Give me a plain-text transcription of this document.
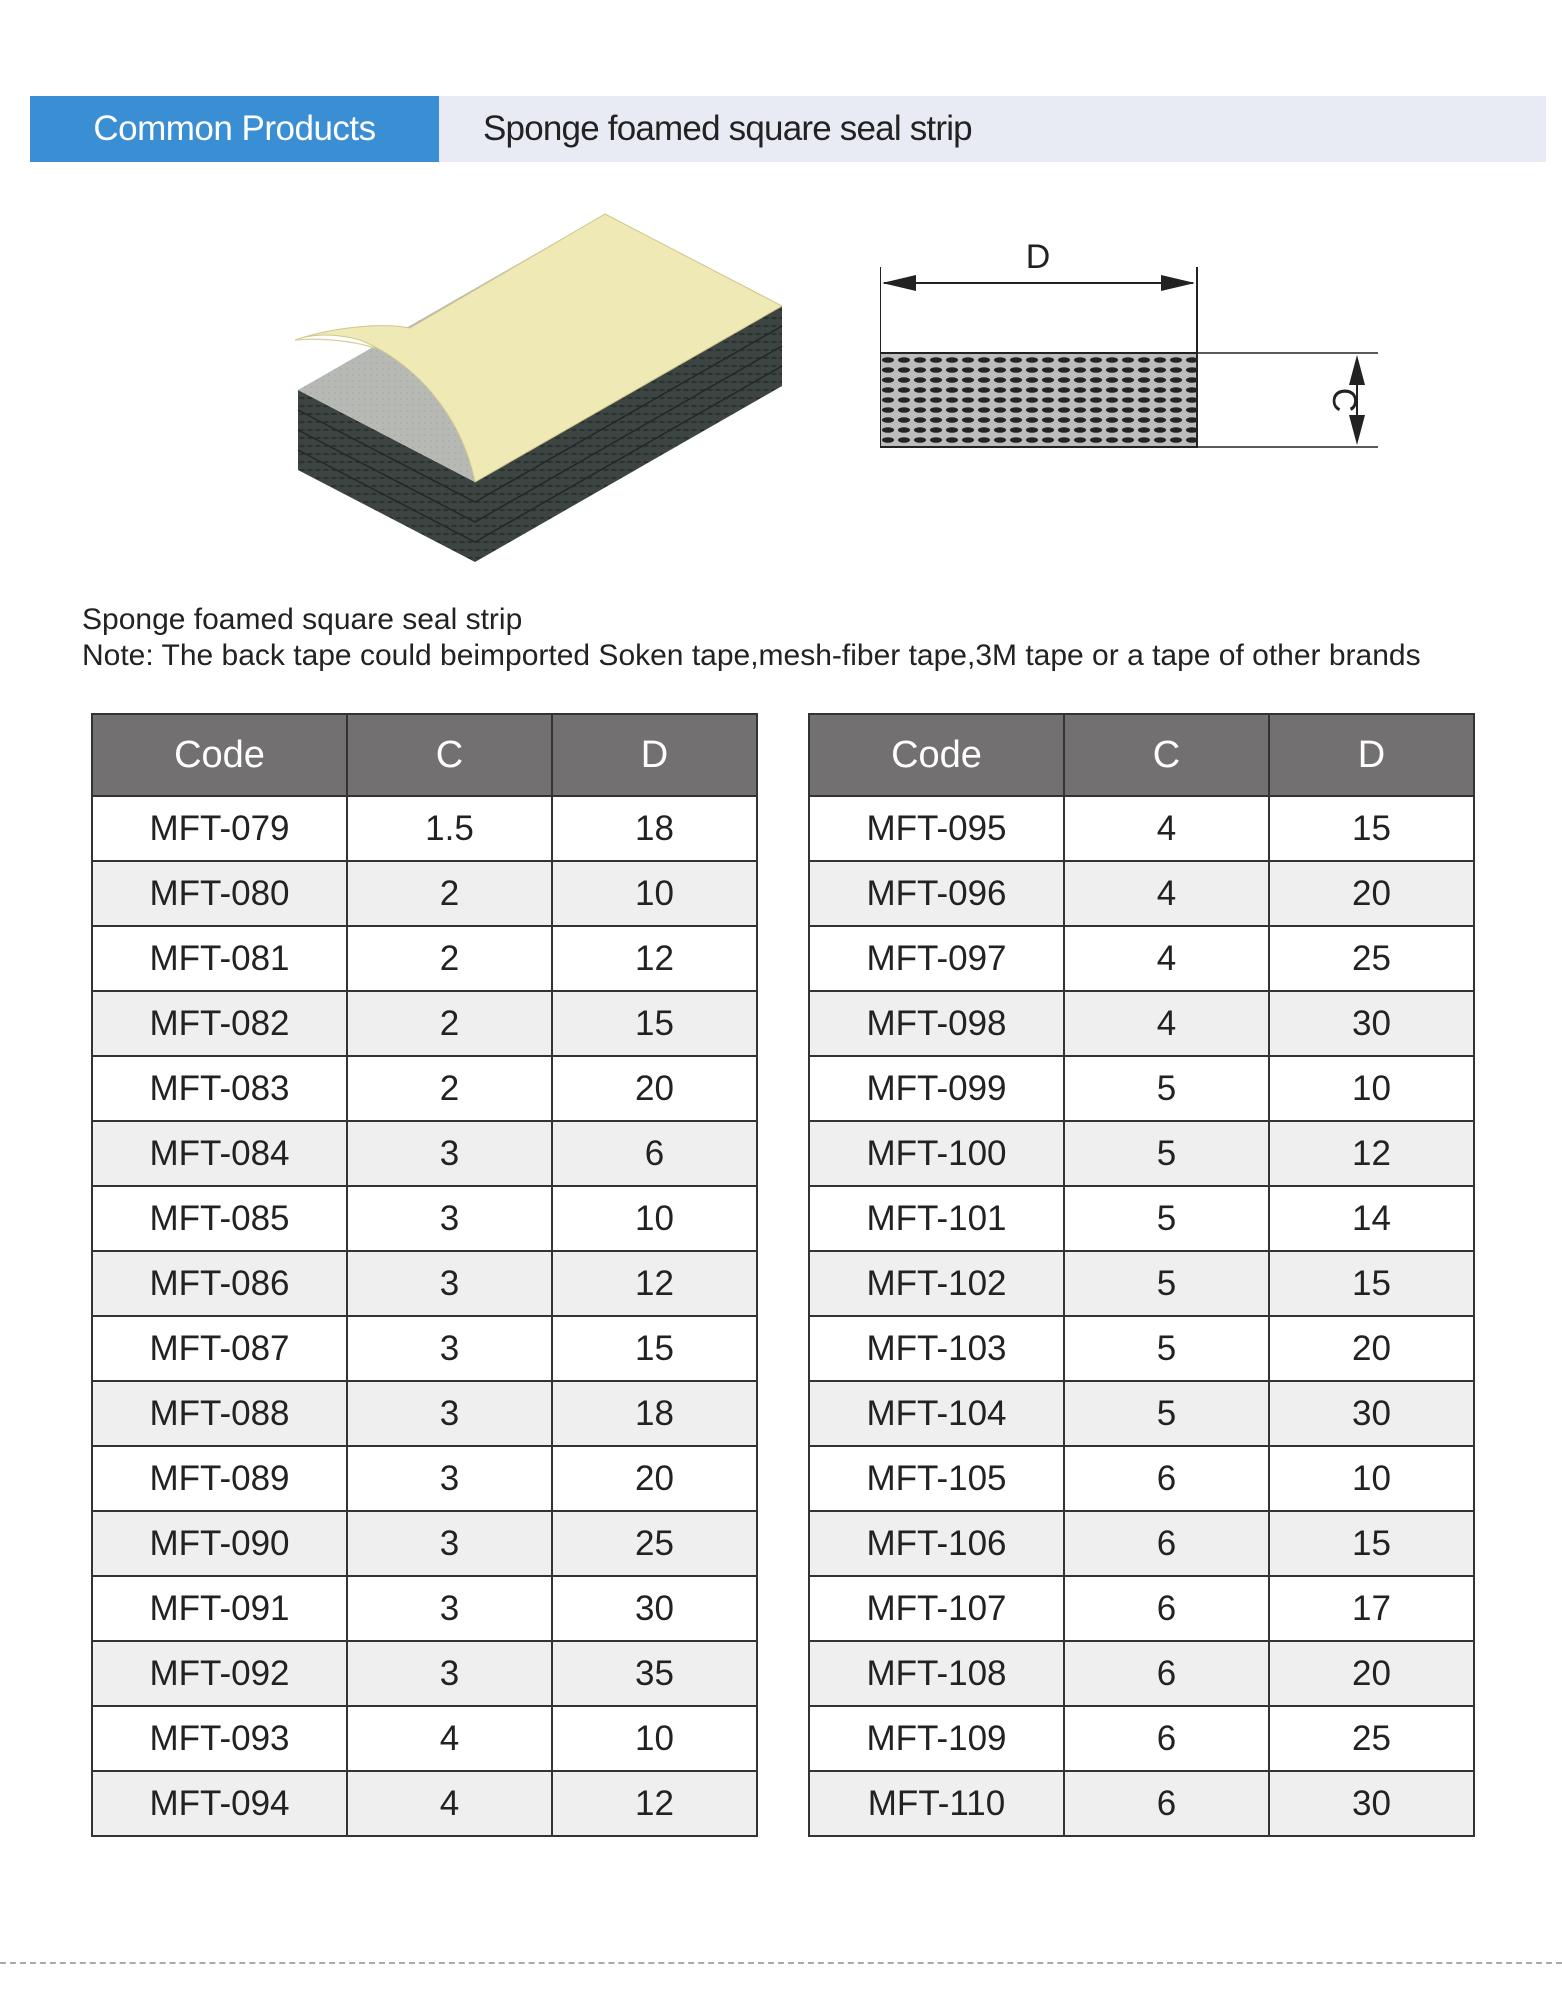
Common Products	Sponge foamed square seal strip
D
C
Sponge foamed square seal strip
Note: The back tape could beimported Soken tape,mesh-fiber tape,3M tape or a tape of other brands
Code	C	D
MFT-079	1.5	18
MFT-080	2	10
MFT-081	2	12
MFT-082	2	15
MFT-083	2	20
MFT-084	3	6
MFT-085	3	10
MFT-086	3	12
MFT-087	3	15
MFT-088	3	18
MFT-089	3	20
MFT-090	3	25
MFT-091	3	30
MFT-092	3	35
MFT-093	4	10
MFT-094	4	12
Code	C	D
MFT-095	4	15
MFT-096	4	20
MFT-097	4	25
MFT-098	4	30
MFT-099	5	10
MFT-100	5	12
MFT-101	5	14
MFT-102	5	15
MFT-103	5	20
MFT-104	5	30
MFT-105	6	10
MFT-106	6	15
MFT-107	6	17
MFT-108	6	20
MFT-109	6	25
MFT-110	6	30
